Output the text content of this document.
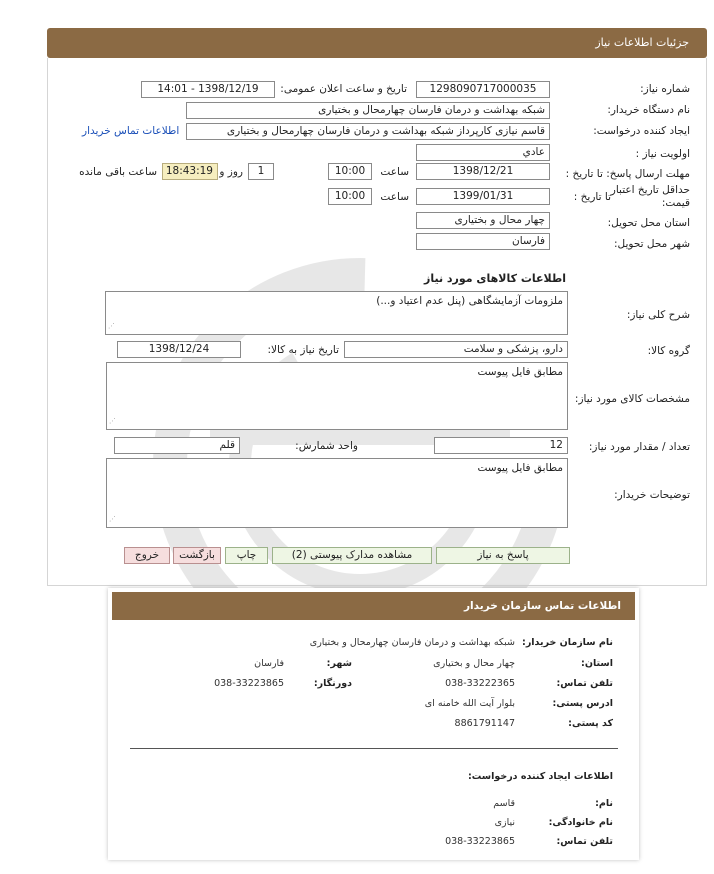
جزئیات اطلاعات نیاز
شماره نیاز:
1298090717000035
تاریخ و ساعت اعلان عمومی:
1398/12/19 - 14:01
نام دستگاه خریدار:
شبکه بهداشت و درمان فارسان چهارمحال و بختیاری
ایجاد کننده درخواست:
قاسم نیازی کارپرداز شبکه بهداشت و درمان فارسان چهارمحال و بختیاری
اطلاعات تماس خریدار
اولویت نیاز :
عادي
مهلت ارسال پاسخ: تا تاریخ :
1398/12/21
ساعت
10:00
1
روز و
18:43:19
ساعت باقی مانده
حداقل تاریخ اعتبار
قیمت:
تا تاریخ :
1399/01/31
ساعت
10:00
استان محل تحویل:
چهار محال و بختیاری
شهر محل تحویل:
فارسان
اطلاعات کالاهای مورد نیاز
شرح کلی نیاز:
ملزومات آزمایشگاهی (پنل عدم اعتیاد و...)
⋱
گروه کالا:
دارو، پزشکی و سلامت
تاریخ نیاز به کالا:
1398/12/24
مشخصات کالای مورد نیاز:
مطابق فایل پیوست
⋱
تعداد / مقدار مورد نیاز:
12
واحد شمارش:
قلم
توضیحات خریدار:
مطابق فایل پیوست
⋱
پاسخ به نیاز
مشاهده مدارک پیوستی (2)
چاپ
بازگشت
خروج
اطلاعات تماس سازمان خریدار
نام سازمان خریدار:
شبکه بهداشت و درمان فارسان چهارمحال و بختیاری
استان:
چهار محال و بختیاری
شهر:
فارسان
تلفن تماس:
038-33222365
دورنگار:
038-33223865
ادرس پستی:
بلوار آیت الله خامنه ای
کد پستی:
8861791147
اطلاعات ایجاد کننده درخواست:
نام:
قاسم
نام خانوادگی:
نیازی
تلفن تماس:
038-33223865
